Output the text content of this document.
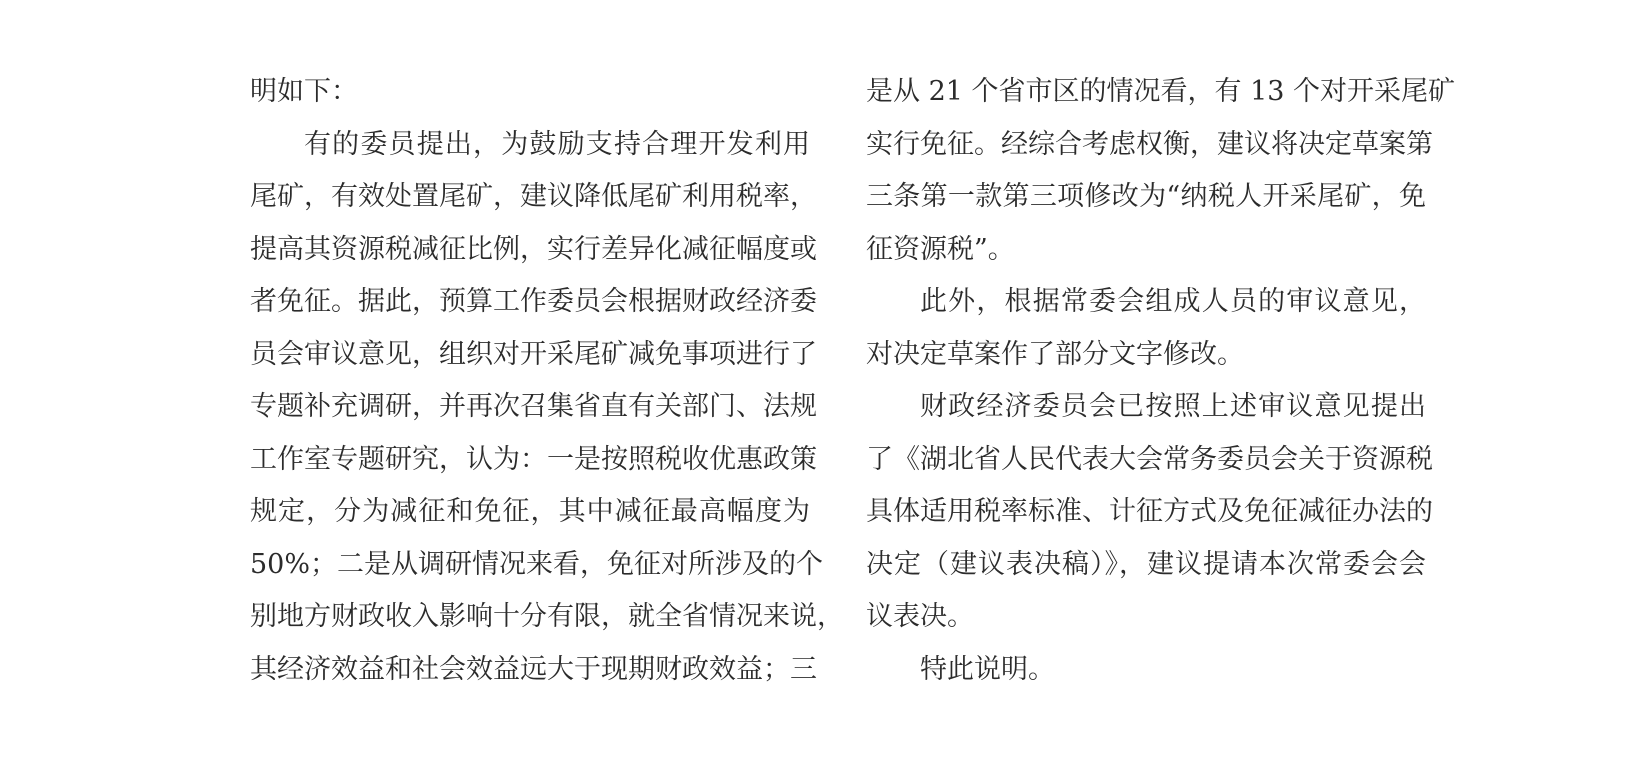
明如下：
有的委员提出，为鼓励支持合理开发利用
尾矿，有效处置尾矿，建议降低尾矿利用税率，
提高其资源税减征比例，实行差异化减征幅度或
者免征。据此，预算工作委员会根据财政经济委
员会审议意见，组织对开采尾矿减免事项进行了
专题补充调研，并再次召集省直有关部门、法规
工作室专题研究，认为：一是按照税收优惠政策
规定，分为减征和免征，其中减征最高幅度为
50%；二是从调研情况来看，免征对所涉及的个
别地方财政收入影响十分有限，就全省情况来说，
其经济效益和社会效益远大于现期财政效益；三
是从 21 个省市区的情况看，有 13 个对开采尾矿
实行免征。经综合考虑权衡，建议将决定草案第
三条第一款第三项修改为“纳税人开采尾矿，免
征资源税”。
此外，根据常委会组成人员的审议意见，
对决定草案作了部分文字修改。
财政经济委员会已按照上述审议意见提出
了《湖北省人民代表大会常务委员会关于资源税
具体适用税率标准、计征方式及免征减征办法的
决定（建议表决稿）》，建议提请本次常委会会
议表决。
特此说明。
